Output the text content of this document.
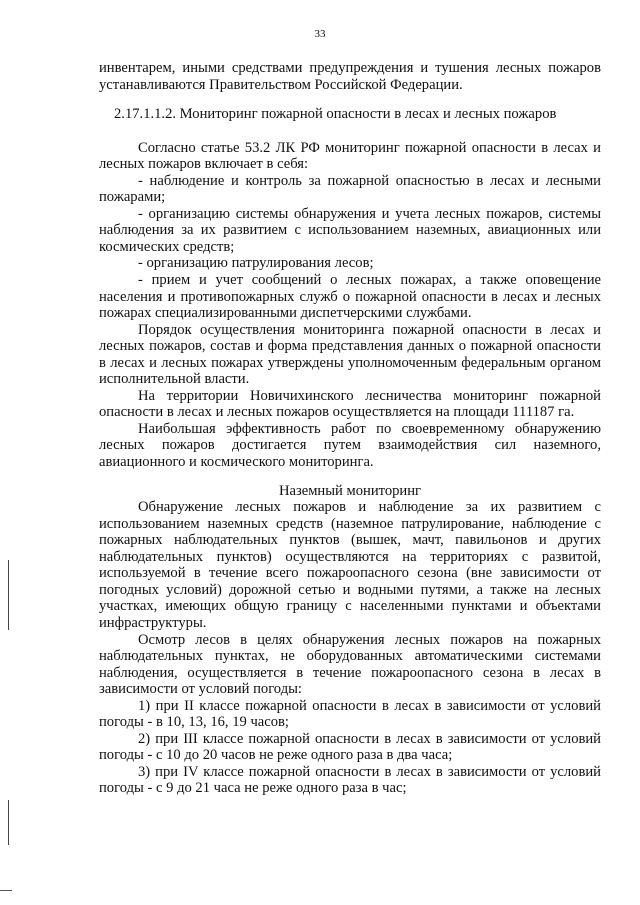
33

инвентарем, иными средствами предупреждения и тушения лесных пожаров устанавливаются Правительством Российской Федерации.

2.17.1.1.2. Мониторинг пожарной опасности в лесах и лесных пожаров

Согласно статье 53.2 ЛК РФ мониторинг пожарной опасности в лесах и лесных пожаров включает в себя:

- наблюдение и контроль за пожарной опасностью в лесах и лесными пожарами;

- организацию системы обнаружения и учета лесных пожаров, системы наблюдения за их развитием с использованием наземных, авиационных или космических средств;

- организацию патрулирования лесов;

- прием и учет сообщений о лесных пожарах, а также оповещение населения и противопожарных служб о пожарной опасности в лесах и лесных пожарах специализированными диспетчерскими службами.

Порядок осуществления мониторинга пожарной опасности в лесах и лесных пожаров, состав и форма представления данных о пожарной опасности в лесах и лесных пожарах утверждены уполномоченным федеральным органом исполнительной власти.

На территории Новичихинского лесничества мониторинг пожарной опасности в лесах и лесных пожаров осуществляется на площади 111187 га.

Наибольшая эффективность работ по своевременному обнаружению лесных пожаров достигается путем взаимодействия сил наземного, авиационного и космического мониторинга.

Наземный мониторинг

Обнаружение лесных пожаров и наблюдение за их развитием с использованием наземных средств (наземное патрулирование, наблюдение с пожарных наблюдательных пунктов (вышек, мачт, павильонов и других наблюдательных пунктов) осуществляются на территориях с развитой, используемой в течение всего пожароопасного сезона (вне зависимости от погодных условий) дорожной сетью и водными путями, а также на лесных участках, имеющих общую границу с населенными пунктами и объектами инфраструктуры.

Осмотр лесов в целях обнаружения лесных пожаров на пожарных наблюдательных пунктах, не оборудованных автоматическими системами наблюдения, осуществляется в течение пожароопасного сезона в лесах в зависимости от условий погоды:

1) при II классе пожарной опасности в лесах в зависимости от условий погоды - в 10, 13, 16, 19 часов;

2) при III классе пожарной опасности в лесах в зависимости от условий погоды - с 10 до 20 часов не реже одного раза в два часа;

3) при IV классе пожарной опасности в лесах в зависимости от условий погоды - с 9 до 21 часа не реже одного раза в час;
